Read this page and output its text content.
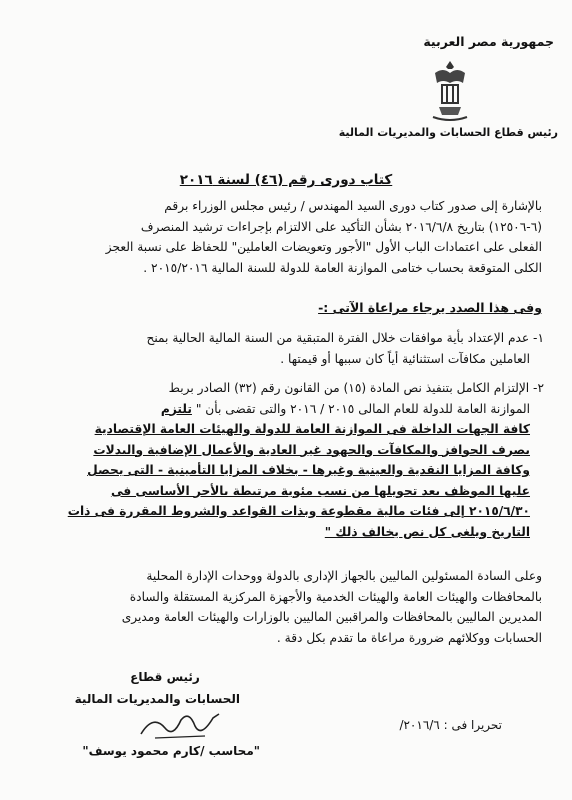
جمهورية مصر العربية
رئيس قطاع الحسابات والمديريات المالية
كتاب دورى رقم (٤٦) لسنة ٢٠١٦
بالإشارة إلى صدور كتاب دورى السيد المهندس / رئيس مجلس الوزراء برقم
(٦-١٢٥٠٦) بتاريخ ٢٠١٦/٦/٨ بشأن التأكيد على الالتزام بإجراءات ترشيد المنصرف
الفعلى على اعتمادات الباب الأول "الأجور وتعويضات العاملين" للحفاظ على نسبة العجز
الكلى المتوقعة بحساب ختامى الموازنة العامة للدولة للسنة المالية ٢٠١٥/٢٠١٦ .
وفى هذا الصدد يرجاء مراعاة الآتى :-
١- عدم الإعتداد بأية موافقات خلال الفترة المتبقية من السنة المالية الحالية بمنح
العاملين مكافآت استثنائية أياً كان سببها أو قيمتها .
٢- الإلتزام الكامل بتنفيذ نص المادة (١٥) من القانون رقم (٣٢) الصادر بربط
الموازنة العامة للدولة للعام المالى ٢٠١٥ / ٢٠١٦ والتى تقضى بأن " تلتزم
كافة الجهات الداخلة فى الموازنة العامة للدولة والهيئات العامة الإقتصادية
بصرف الحوافز والمكافآت والجهود غير العادية والأعمال الإضافية والبدلات
وكافة المزايا النقدية والعينية وغيرها - بخلاف المزايا التأمينية - التى يحصل
عليها الموظف بعد تحويلها من نسب مئوية مرتبطة بالأجر الأساسى فى
٢٠١٥/٦/٣٠ إلى فئات مالية مقطوعة وبذات القواعد والشروط المقررة فى ذات
التاريخ ويلغى كل نص يخالف ذلك "
وعلى السادة المسئولين الماليين بالجهاز الإدارى بالدولة ووحدات الإدارة المحلية
بالمحافظات والهيئات العامة والهيئات الخدمية والأجهزة المركزية المستقلة والسادة
المديرين الماليين بالمحافظات والمراقبين الماليين بالوزارات والهيئات العامة ومديرى
الحسابات ووكلائهم ضرورة مراعاة ما تقدم بكل دقة .
رئيس قطاع
الحسابات والمديريات المالية
"محاسب /كارم محمود يوسف"
تحريرا فى : ٢٠١٦/٦/
